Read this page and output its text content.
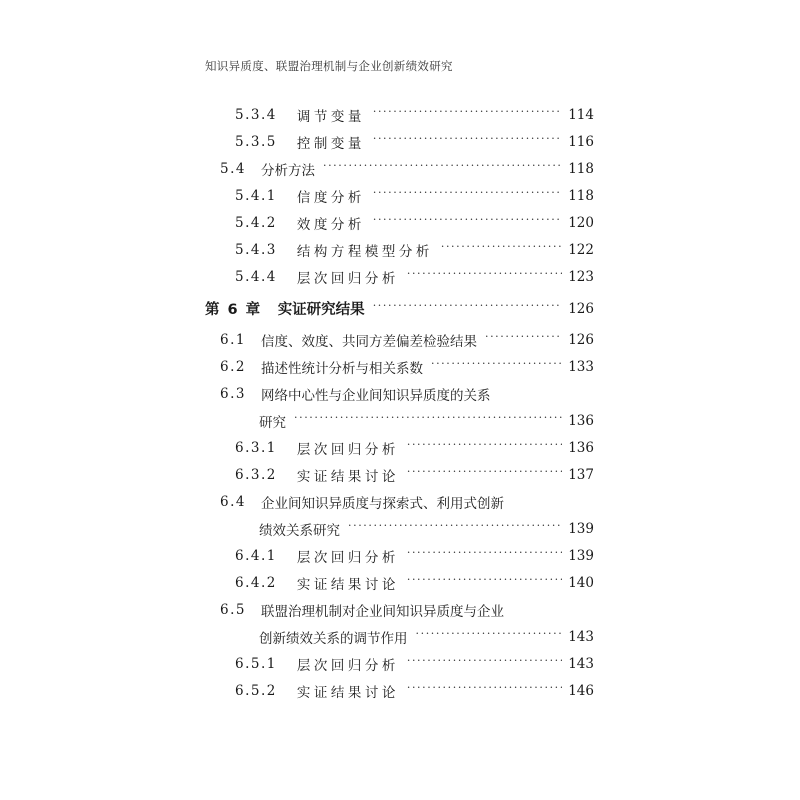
知识异质度、联盟治理机制与企业创新绩效研究
5.3.4 调节变量 ·····	114
5.3.5 控制变量 ·····	116
5.4 分析方法 ·····	118
5.4.1 信度分析 ·····	118
5.4.2 效度分析 ·····	120
5.4.3 结构方程模型分析 ·····	122
5.4.4 层次回归分析 ·····	123
第 6 章 实证研究结果 ·····	126
6.1 信度、效度、共同方差偏差检验结果 ·····	126
6.2 描述性统计分析与相关系数 ·····	133
6.3 网络中心性与企业间知识异质度的关系
研究 ·····	136
6.3.1 层次回归分析 ·····	136
6.3.2 实证结果讨论 ·····	137
6.4 企业间知识异质度与探索式、利用式创新
绩效关系研究 ·····	139
6.4.1 层次回归分析 ·····	139
6.4.2 实证结果讨论 ·····	140
6.5 联盟治理机制对企业间知识异质度与企业
创新绩效关系的调节作用 ·····	143
6.5.1 层次回归分析 ·····	143
6.5.2 实证结果讨论 ·····	146
